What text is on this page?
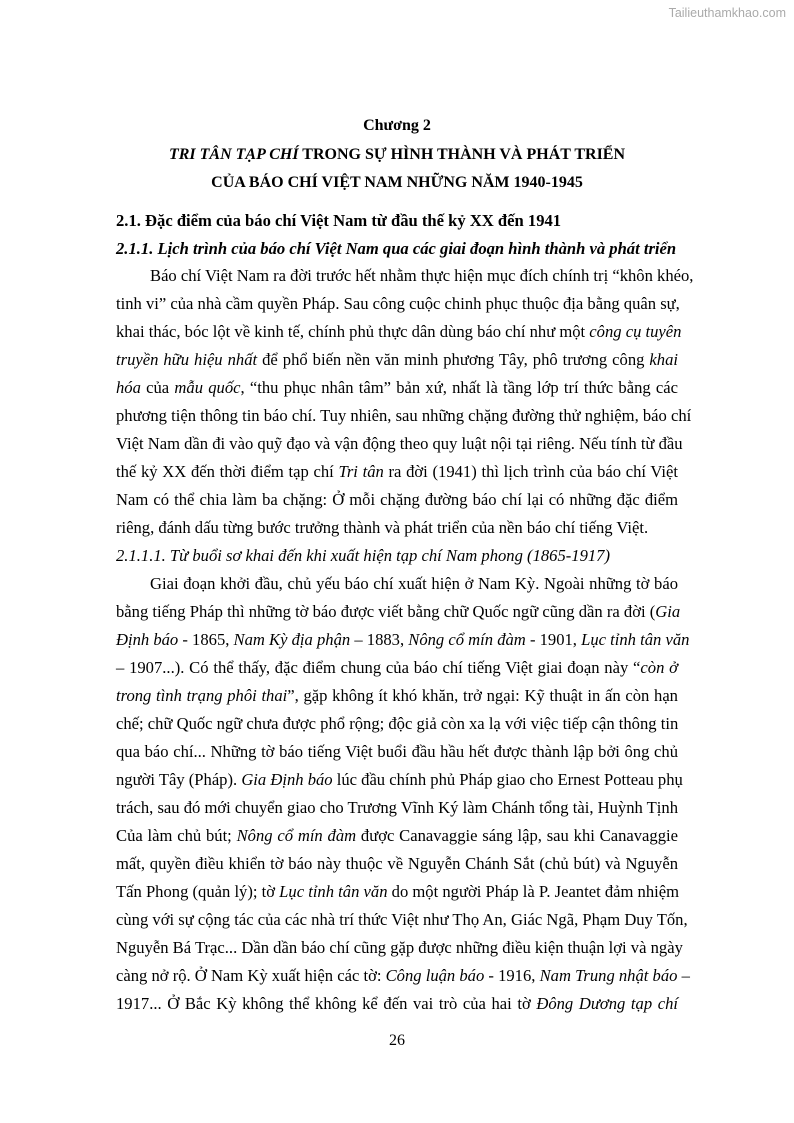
Tailieuthamkhao.com
Chương 2
TRI TÂN TẠP CHÍ TRONG SỰ HÌNH THÀNH VÀ PHÁT TRIỂN
CỦA BÁO CHÍ VIỆT NAM NHỮNG NĂM 1940-1945
2.1. Đặc điểm của báo chí Việt Nam từ đầu thế kỷ XX đến 1941
2.1.1. Lịch trình của báo chí Việt Nam qua các giai đoạn hình thành và phát triển
Báo chí Việt Nam ra đời trước hết nhằm thực hiện mục đích chính trị “khôn khéo,
tinh vi” của nhà cầm quyền Pháp. Sau công cuộc chinh phục thuộc địa bằng quân sự,
khai thác, bóc lột về kinh tế, chính phủ thực dân dùng báo chí như một công cụ tuyên
truyền hữu hiệu nhất để phổ biến nền văn minh phương Tây, phô trương công khai
hóa của mẫu quốc, “thu phục nhân tâm” bản xứ, nhất là tầng lớp trí thức bằng các
phương tiện thông tin báo chí. Tuy nhiên, sau những chặng đường thử nghiệm, báo chí
Việt Nam dần đi vào quỹ đạo và vận động theo quy luật nội tại riêng. Nếu tính từ đầu
thế kỷ XX đến thời điểm tạp chí Tri tân ra đời (1941) thì lịch trình của báo chí Việt
Nam có thể chia làm ba chặng: Ở mỗi chặng đường báo chí lại có những đặc điểm
riêng, đánh dấu từng bước trưởng thành và phát triển của nền báo chí tiếng Việt.
2.1.1.1. Từ buổi sơ khai đến khi xuất hiện tạp chí Nam phong (1865-1917)
Giai đoạn khởi đầu, chủ yếu báo chí xuất hiện ở Nam Kỳ. Ngoài những tờ báo
bằng tiếng Pháp thì những tờ báo được viết bằng chữ Quốc ngữ cũng dần ra đời (Gia
Định báo - 1865, Nam Kỳ địa phận – 1883, Nông cổ mín đàm - 1901, Lục tỉnh tân văn
– 1907...). Có thể thấy, đặc điểm chung của báo chí tiếng Việt giai đoạn này “còn ở
trong tình trạng phôi thai”, gặp không ít khó khăn, trở ngại: Kỹ thuật in ấn còn hạn
chế; chữ Quốc ngữ chưa được phổ rộng; độc giả còn xa lạ với việc tiếp cận thông tin
qua báo chí... Những tờ báo tiếng Việt buổi đầu hầu hết được thành lập bởi ông chủ
người Tây (Pháp). Gia Định báo lúc đầu chính phủ Pháp giao cho Ernest Potteau phụ
trách, sau đó mới chuyển giao cho Trương Vĩnh Ký làm Chánh tổng tài, Huỳnh Tịnh
Của làm chủ bút; Nông cổ mín đàm được Canavaggie sáng lập, sau khi Canavaggie
mất, quyền điều khiển tờ báo này thuộc về Nguyễn Chánh Sắt (chủ bút) và Nguyễn
Tấn Phong (quản lý); tờ Lục tỉnh tân văn do một người Pháp là P. Jeantet đảm nhiệm
cùng với sự cộng tác của các nhà trí thức Việt như Thọ An, Giác Ngã, Phạm Duy Tốn,
Nguyễn Bá Trạc... Dần dần báo chí cũng gặp được những điều kiện thuận lợi và ngày
càng nở rộ. Ở Nam Kỳ xuất hiện các tờ: Công luận báo - 1916, Nam Trung nhật báo –
1917... Ở Bắc Kỳ không thể không kể đến vai trò của hai tờ Đông Dương tạp chí
26
